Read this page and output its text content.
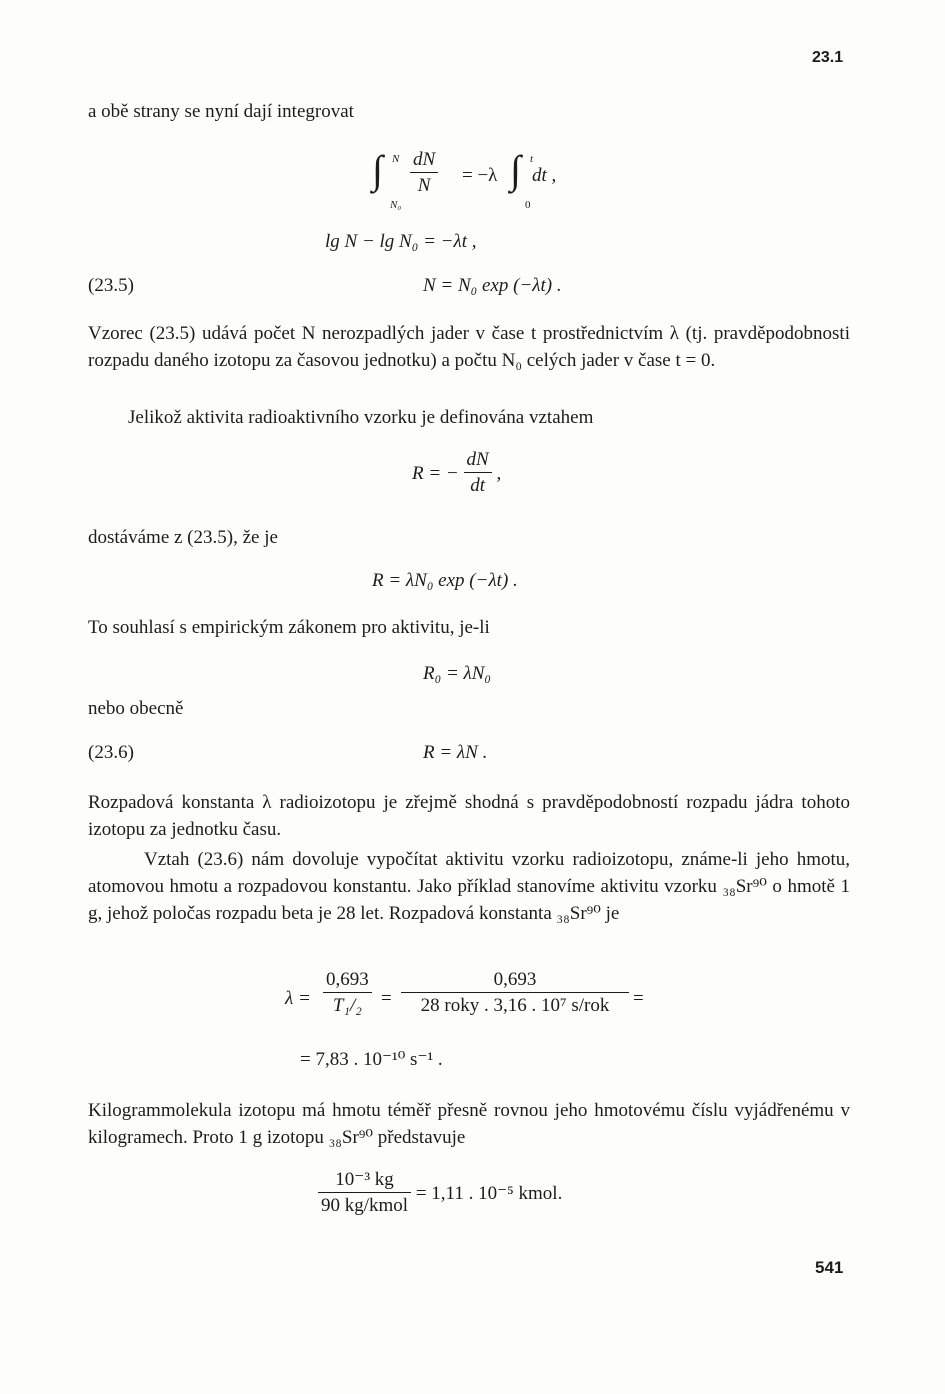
23.1
a obě strany se nyní dají integrovat
∫ N
N₀
$\frac{dN}{N} = -\lambda$ ∫ t
0
dt ,
lg N − lg N₀ = −λt ,
(23.5)	N = N₀ exp (−λt) .
Vzorec (23.5) udává počet N nerozpadlých jader v čase t prostřednictvím λ (tj. pravděpodobnosti rozpadu daného izotopu za časovou jednotku) a počtu N₀ celých jader v čase t = 0.
Jelikož aktivita radioaktivního vzorku je definována vztahem
R = − $\frac{dN}{dt}$ ,
dostáváme z (23.5), že je
R = λN₀ exp (−λt) .
To souhlasí s empirickým zákonem pro aktivitu, je-li
R₀ = λN₀
nebo obecně
(23.6)	R = λN .
Rozpadová konstanta λ radioizotopu je zřejmě shodná s pravděpodobností rozpadu jádra tohoto izotopu za jednotku času.
Vztah (23.6) nám dovoluje vypočítat aktivitu vzorku radioizotopu, známe-li jeho hmotu, atomovou hmotu a rozpadovou konstantu. Jako příklad stanovíme aktivitu vzorku ₃₈Sr⁹⁰ o hmotě 1 g, jehož poločas rozpadu beta je 28 let. Rozpadová konstanta ₃₈Sr⁹⁰ je
$\lambda = \frac{0,693}{\text{T₁/₂}}$ =
0,693
28 roky . 3,16 . 10⁷ s/rok	=
= 7,83 . 10⁻¹⁰ s⁻¹ .
Kilogrammolekula izotopu má hmotu téměř přesně rovnou jeho hmotovému číslu vyjádřenému v kilogramech. Proto 1 g izotopu ₃₈Sr⁹⁰ představuje
$\frac{\text{10⁻³ kg}}{\text{90 kg/kmol}} = 1,11$ . 10⁻⁵ kmol.
541
